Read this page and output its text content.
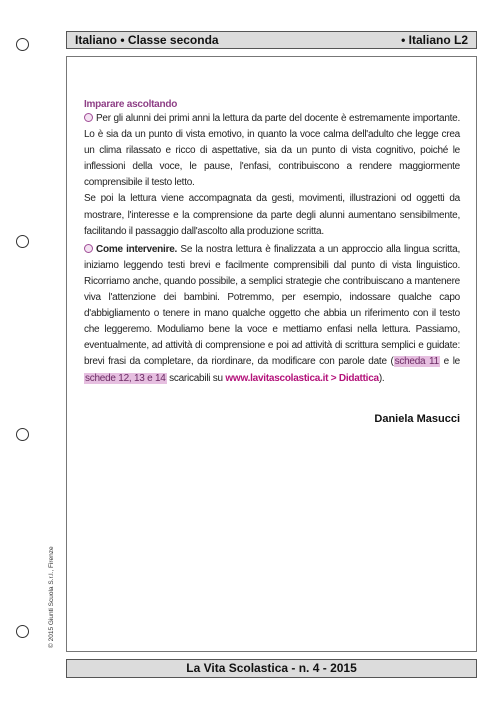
Italiano • Classe seconda	• Italiano L2
Imparare ascoltando

Per gli alunni dei primi anni la lettura da parte del docente è estremamente importante. Lo è sia da un punto di vista emotivo, in quanto la voce calma dell'adulto che legge crea un clima rilassato e ricco di aspettative, sia da un punto di vista cognitivo, poiché le inflessioni della voce, le pause, l'enfasi, contribuiscono a rendere maggiormente comprensibile il testo letto.

Se poi la lettura viene accompagnata da gesti, movimenti, illustrazioni od oggetti da mostrare, l'interesse e la comprensione da parte degli alunni aumentano sensibilmente, facilitando il passaggio dall'ascolto alla produzione scritta.

Come intervenire. Se la nostra lettura è finalizzata a un approccio alla lingua scritta, iniziamo leggendo testi brevi e facilmente comprensibili dal punto di vista linguistico. Ricorriamo anche, quando possibile, a semplici strategie che contribuiscano a mantenere viva l'attenzione dei bambini. Potremmo, per esempio, indossare qualche capo d'abbigliamento o tenere in mano qualche oggetto che abbia un riferimento con il testo che leggeremo. Moduliamo bene la voce e mettiamo enfasi nella lettura. Passiamo, eventualmente, ad attività di comprensione e poi ad attività di scrittura semplici e guidate: brevi frasi da completare, da riordinare, da modificare con parole date (scheda 11 e le schede 12, 13 e 14 scaricabili su www.lavitascolastica.it > Didattica).

Daniela Masucci
© 2015 Giunti Scuola S.r.l., Firenze
La Vita Scolastica - n. 4 - 2015
